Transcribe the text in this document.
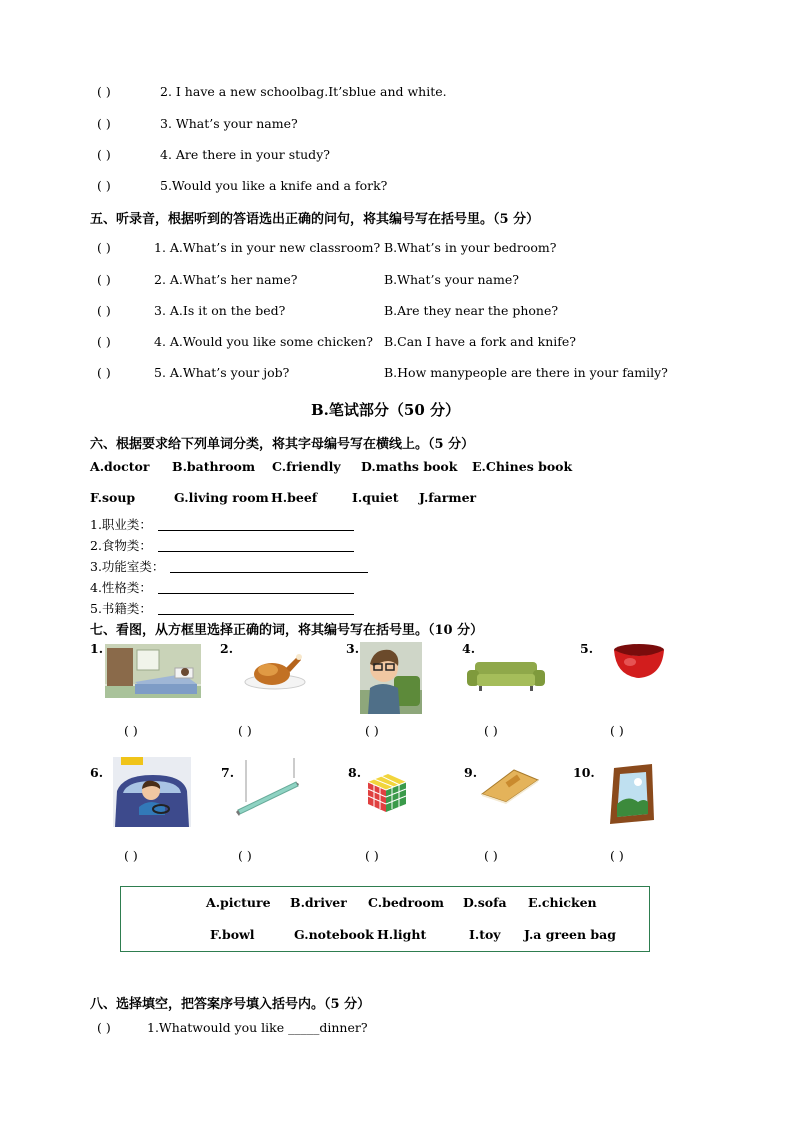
( )	2. I have a new schoolbag.It’sblue and white.
( )	3. What’s your name?
( )	4. Are there in your study?
( )	5.Would you like a knife and a fork?
五、听录音，根据听到的答语选出正确的问句，将其编号写在括号里。（5 分）
( )	1. A.What’s in your new classroom? B.What’s in your bedroom?
( )	2. A.What’s her name?	B.What’s your name?
( )	3. A.Is it on the bed?	B.Are they near the phone?
( )	4. A.Would you like some chicken? B.Can I have a fork and knife?
( )	5. A.What’s your job?	B.How manypeople are there in your family?
B.笔试部分（50 分）
六、根据要求给下列单词分类，将其字母编号写在横线上。（5 分）
A.doctor B.bathroom C.friendly D.maths book E.Chines book
F.soup	G.living room H.beef	I.quiet J.farmer
1.职业类：
2.食物类：
3.功能室类：
4.性格类：
5.书籍类：
七、看图，从方框里选择正确的词，将其编号写在括号里。（10 分）
1.	2.	3.	4.	5.
( )	( )	( )	( )	( )
6.	7.	8.	9.	10.
( )	( )	( )	( )	( )
A.picture B.driver C.bedroom D.sofa E.chicken
F.bowl	G.notebook H.light	I.toy J.a green bag
八、选择填空，把答案序号填入括号内。（5 分）
( )	1.Whatwould you like _____dinner?
